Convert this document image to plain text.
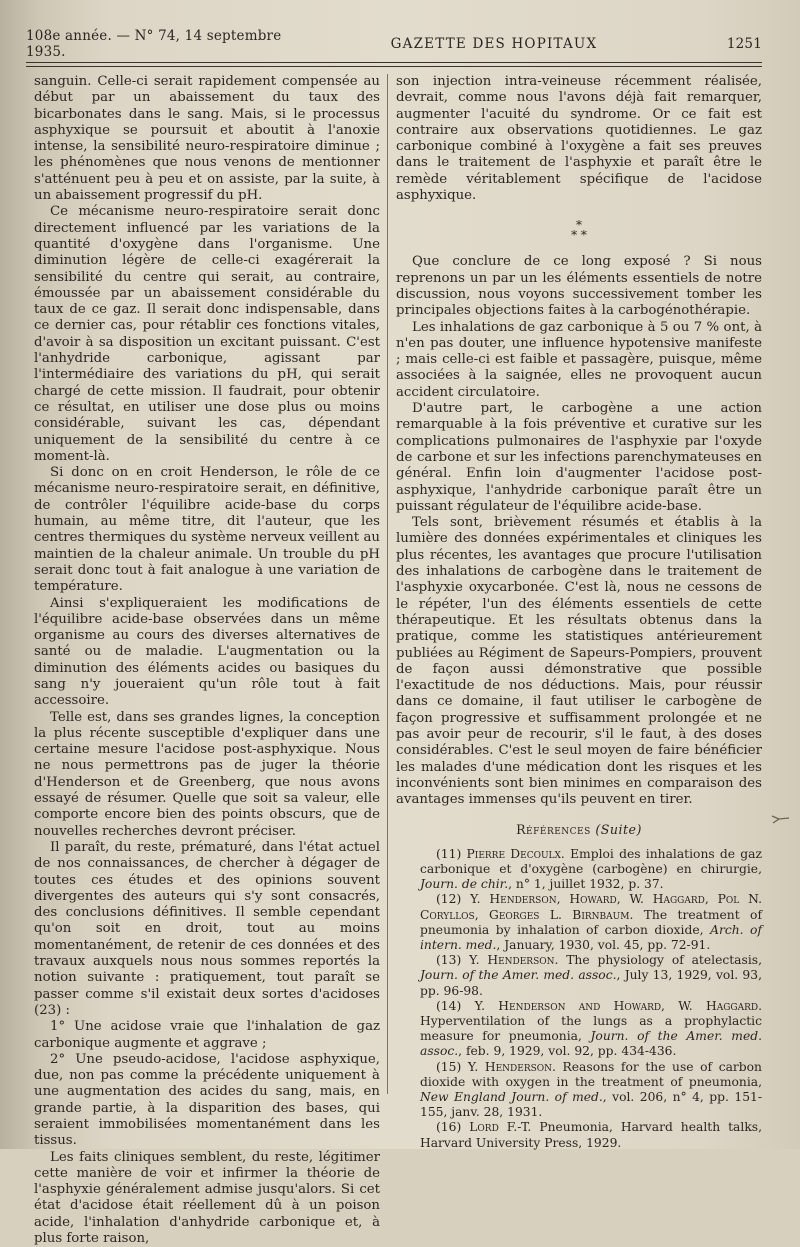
108e année. — N° 74, 14 septembre 1935.	GAZETTE DES HOPITAUX	1251

sanguin. Celle-ci serait rapidement compensée au début par un abaissement du taux des bicarbonates dans le sang. Mais, si le processus asphyxique se poursuit et aboutit à l'anoxie intense, la sensibilité neuro-respiratoire diminue ; les phénomènes que nous venons de mentionner s'atténuent peu à peu et on assiste, par la suite, à un abaissement progressif du pH.

Ce mécanisme neuro-respiratoire serait donc directement influencé par les variations de la quantité d'oxygène dans l'organisme. Une diminution légère de celle-ci exagérerait la sensibilité du centre qui serait, au contraire, émoussée par un abaissement considérable du taux de ce gaz. Il serait donc indispensable, dans ce dernier cas, pour rétablir ces fonctions vitales, d'avoir à sa disposition un excitant puissant. C'est l'anhydride carbonique, agissant par l'intermédiaire des variations du pH, qui serait chargé de cette mission. Il faudrait, pour obtenir ce résultat, en utiliser une dose plus ou moins considérable, suivant les cas, dépendant uniquement de la sensibilité du centre à ce moment-là.

Si donc on en croit Henderson, le rôle de ce mécanisme neuro-respiratoire serait, en définitive, de contrôler l'équilibre acide-base du corps humain, au même titre, dit l'auteur, que les centres thermiques du système nerveux veillent au maintien de la chaleur animale. Un trouble du pH serait donc tout à fait analogue à une variation de température.

Ainsi s'expliqueraient les modifications de l'équilibre acide-base observées dans un même organisme au cours des diverses alternatives de santé ou de maladie. L'augmentation ou la diminution des éléments acides ou basiques du sang n'y joueraient qu'un rôle tout à fait accessoire.

Telle est, dans ses grandes lignes, la conception la plus récente susceptible d'expliquer dans une certaine mesure l'acidose post-asphyxique. Nous ne nous permettrons pas de juger la théorie d'Henderson et de Greenberg, que nous avons essayé de résumer. Quelle que soit sa valeur, elle comporte encore bien des points obscurs, que de nouvelles recherches devront préciser.

Il paraît, du reste, prématuré, dans l'état actuel de nos connaissances, de chercher à dégager de toutes ces études et des opinions souvent divergentes des auteurs qui s'y sont consacrés, des conclusions définitives. Il semble cependant qu'on soit en droit, tout au moins momentanément, de retenir de ces données et des travaux auxquels nous nous sommes reportés la notion suivante : pratiquement, tout paraît se passer comme s'il existait deux sortes d'acidoses (23) :

1° Une acidose vraie que l'inhalation de gaz carbonique augmente et aggrave ;

2° Une pseudo-acidose, l'acidose asphyxique, due, non pas comme la précédente uniquement à une augmentation des acides du sang, mais, en grande partie, à la disparition des bases, qui seraient immobilisées momentanément dans les tissus.

Les faits cliniques semblent, du reste, légitimer cette manière de voir et infirmer la théorie de l'asphyxie généralement admise jusqu'alors. Si cet état d'acidose était réellement dû à un poison acide, l'inhalation d'anhydride carbonique et, à plus forte raison,

son injection intra-veineuse récemment réalisée, devrait, comme nous l'avons déjà fait remarquer, augmenter l'acuité du syndrome. Or ce fait est contraire aux observations quotidiennes. Le gaz carbonique combiné à l'oxygène a fait ses preuves dans le traitement de l'asphyxie et paraît être le remède véritablement spécifique de l'acidose asphyxique.

*
* *

Que conclure de ce long exposé ? Si nous reprenons un par un les éléments essentiels de notre discussion, nous voyons successivement tomber les principales objections faites à la carbogénothérapie.

Les inhalations de gaz carbonique à 5 ou 7 % ont, à n'en pas douter, une influence hypotensive manifeste ; mais celle-ci est faible et passagère, puisque, même associées à la saignée, elles ne provoquent aucun accident circulatoire.

D'autre part, le carbogène a une action remarquable à la fois préventive et curative sur les complications pulmonaires de l'asphyxie par l'oxyde de carbone et sur les infections parenchymateuses en général. Enfin loin d'augmenter l'acidose post-asphyxique, l'anhydride carbonique paraît être un puissant régulateur de l'équilibre acide-base.

Tels sont, brièvement résumés et établis à la lumière des données expérimentales et cliniques les plus récentes, les avantages que procure l'utilisation des inhalations de carbogène dans le traitement de l'asphyxie oxycarbonée. C'est là, nous ne cessons de le répéter, l'un des éléments essentiels de cette thérapeutique. Et les résultats obtenus dans la pratique, comme les statistiques antérieurement publiées au Régiment de Sapeurs-Pompiers, prouvent de façon aussi démonstrative que possible l'exactitude de nos déductions. Mais, pour réussir dans ce domaine, il faut utiliser le carbogène de façon progressive et suffisamment prolongée et ne pas avoir peur de recourir, s'il le faut, à des doses considérables. C'est le seul moyen de faire bénéficier les malades d'une médication dont les risques et les inconvénients sont bien minimes en comparaison des avantages immenses qu'ils peuvent en tirer.

Références (Suite)

(11) Pierre Decoulx. Emploi des inhalations de gaz carbonique et d'oxygène (carbogène) en chirurgie, Journ. de chir., n° 1, juillet 1932, p. 37.

(12) Y. Henderson, Howard, W. Haggard, Pol N. Coryllos, Georges L. Birnbaum. The treatment of pneumonia by inhalation of carbon dioxide, Arch. of intern. med., January, 1930, vol. 45, pp. 72-91.

(13) Y. Henderson. The physiology of atelectasis, Journ. of the Amer. med. assoc., July 13, 1929, vol. 93, pp. 96-98.

(14) Y. Henderson and Howard, W. Haggard. Hyperventilation of the lungs as a prophylactic measure for pneumonia, Journ. of the Amer. med. assoc., feb. 9, 1929, vol. 92, pp. 434-436.

(15) Y. Henderson. Reasons for the use of carbon dioxide with oxygen in the treatment of pneumonia, New England Journ. of med., vol. 206, n° 4, pp. 151-155, janv. 28, 1931.

(16) Lord F.-T. Pneumonia, Harvard health talks, Harvard University Press, 1929.
